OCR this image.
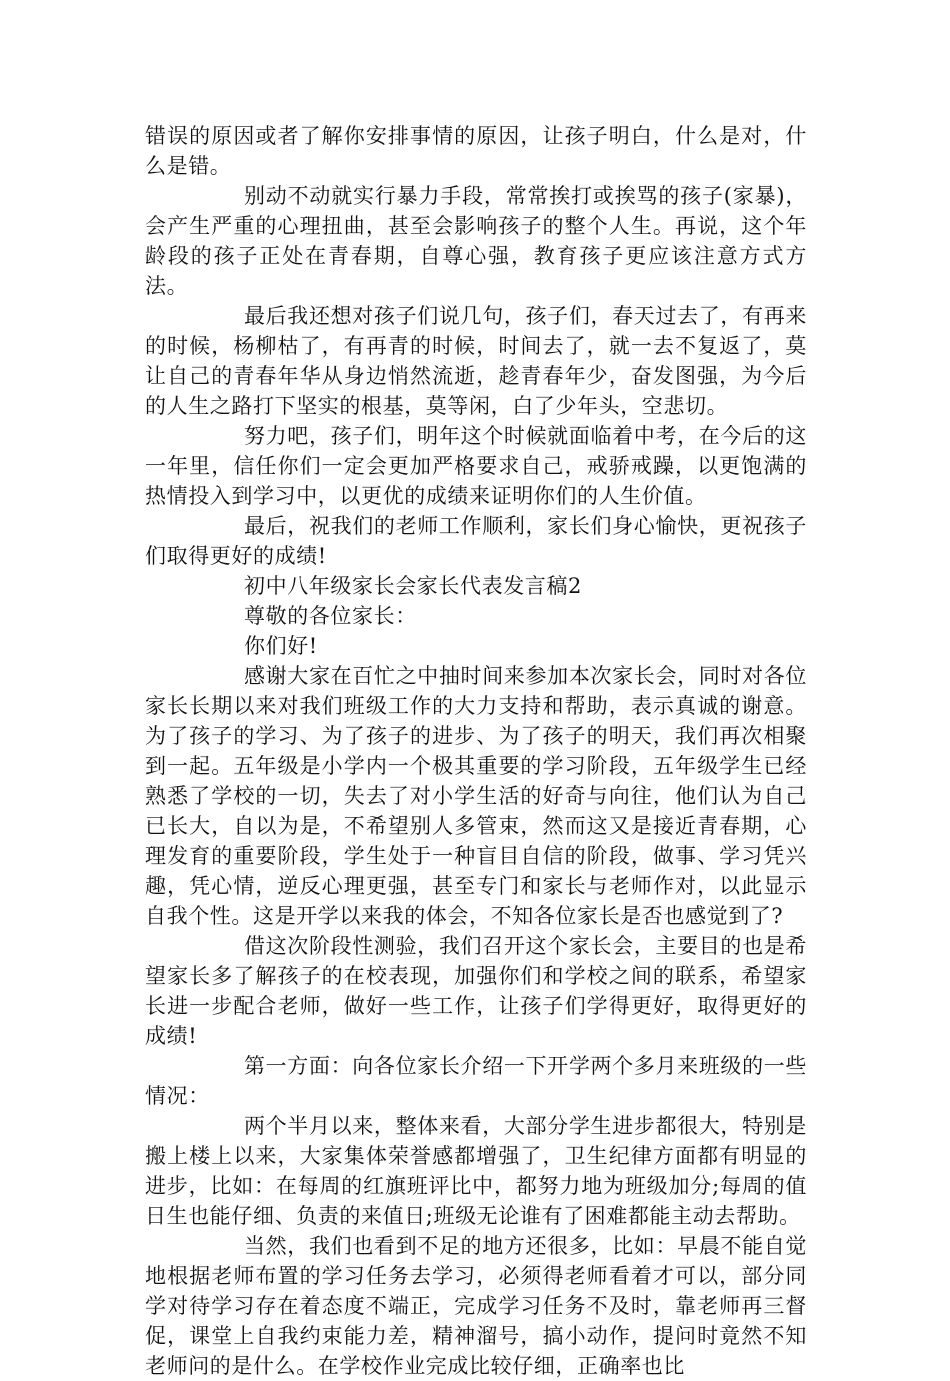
错误的原因或者了解你安排事情的原因，让孩子明白，什么是对，什么是错。

别动不动就实行暴力手段，常常挨打或挨骂的孩子(家暴)，会产生严重的心理扭曲，甚至会影响孩子的整个人生。再说，这个年龄段的孩子正处在青春期，自尊心强，教育孩子更应该注意方式方法。

最后我还想对孩子们说几句，孩子们，春天过去了，有再来的时候，杨柳枯了，有再青的时候，时间去了，就一去不复返了，莫让自己的青春年华从身边悄然流逝，趁青春年少，奋发图强，为今后的人生之路打下坚实的根基，莫等闲，白了少年头，空悲切。

努力吧，孩子们，明年这个时候就面临着中考，在今后的这一年里，信任你们一定会更加严格要求自己，戒骄戒躁，以更饱满的热情投入到学习中，以更优的成绩来证明你们的人生价值。

最后，祝我们的老师工作顺利，家长们身心愉快，更祝孩子们取得更好的成绩!

初中八年级家长会家长代表发言稿2

尊敬的各位家长：

你们好!

感谢大家在百忙之中抽时间来参加本次家长会，同时对各位家长长期以来对我们班级工作的大力支持和帮助，表示真诚的谢意。为了孩子的学习、为了孩子的进步、为了孩子的明天，我们再次相聚到一起。五年级是小学内一个极其重要的学习阶段，五年级学生已经熟悉了学校的一切，失去了对小学生活的好奇与向往，他们认为自己已长大，自以为是，不希望别人多管束，然而这又是接近青春期，心理发育的重要阶段，学生处于一种盲目自信的阶段，做事、学习凭兴趣，凭心情，逆反心理更强，甚至专门和家长与老师作对，以此显示自我个性。这是开学以来我的体会，不知各位家长是否也感觉到了?

借这次阶段性测验，我们召开这个家长会，主要目的也是希望家长多了解孩子的在校表现，加强你们和学校之间的联系，希望家长进一步配合老师，做好一些工作，让孩子们学得更好，取得更好的成绩!

第一方面：向各位家长介绍一下开学两个多月来班级的一些情况：

两个半月以来，整体来看，大部分学生进步都很大，特别是搬上楼上以来，大家集体荣誉感都增强了，卫生纪律方面都有明显的进步，比如：在每周的红旗班评比中，都努力地为班级加分;每周的值日生也能仔细、负责的来值日;班级无论谁有了困难都能主动去帮助。

当然，我们也看到不足的地方还很多，比如：早晨不能自觉地根据老师布置的学习任务去学习，必须得老师看着才可以，部分同学对待学习存在着态度不端正，完成学习任务不及时，靠老师再三督促，课堂上自我约束能力差，精神溜号，搞小动作，提问时竟然不知老师问的是什么。在学校作业完成比较仔细，正确率也比
